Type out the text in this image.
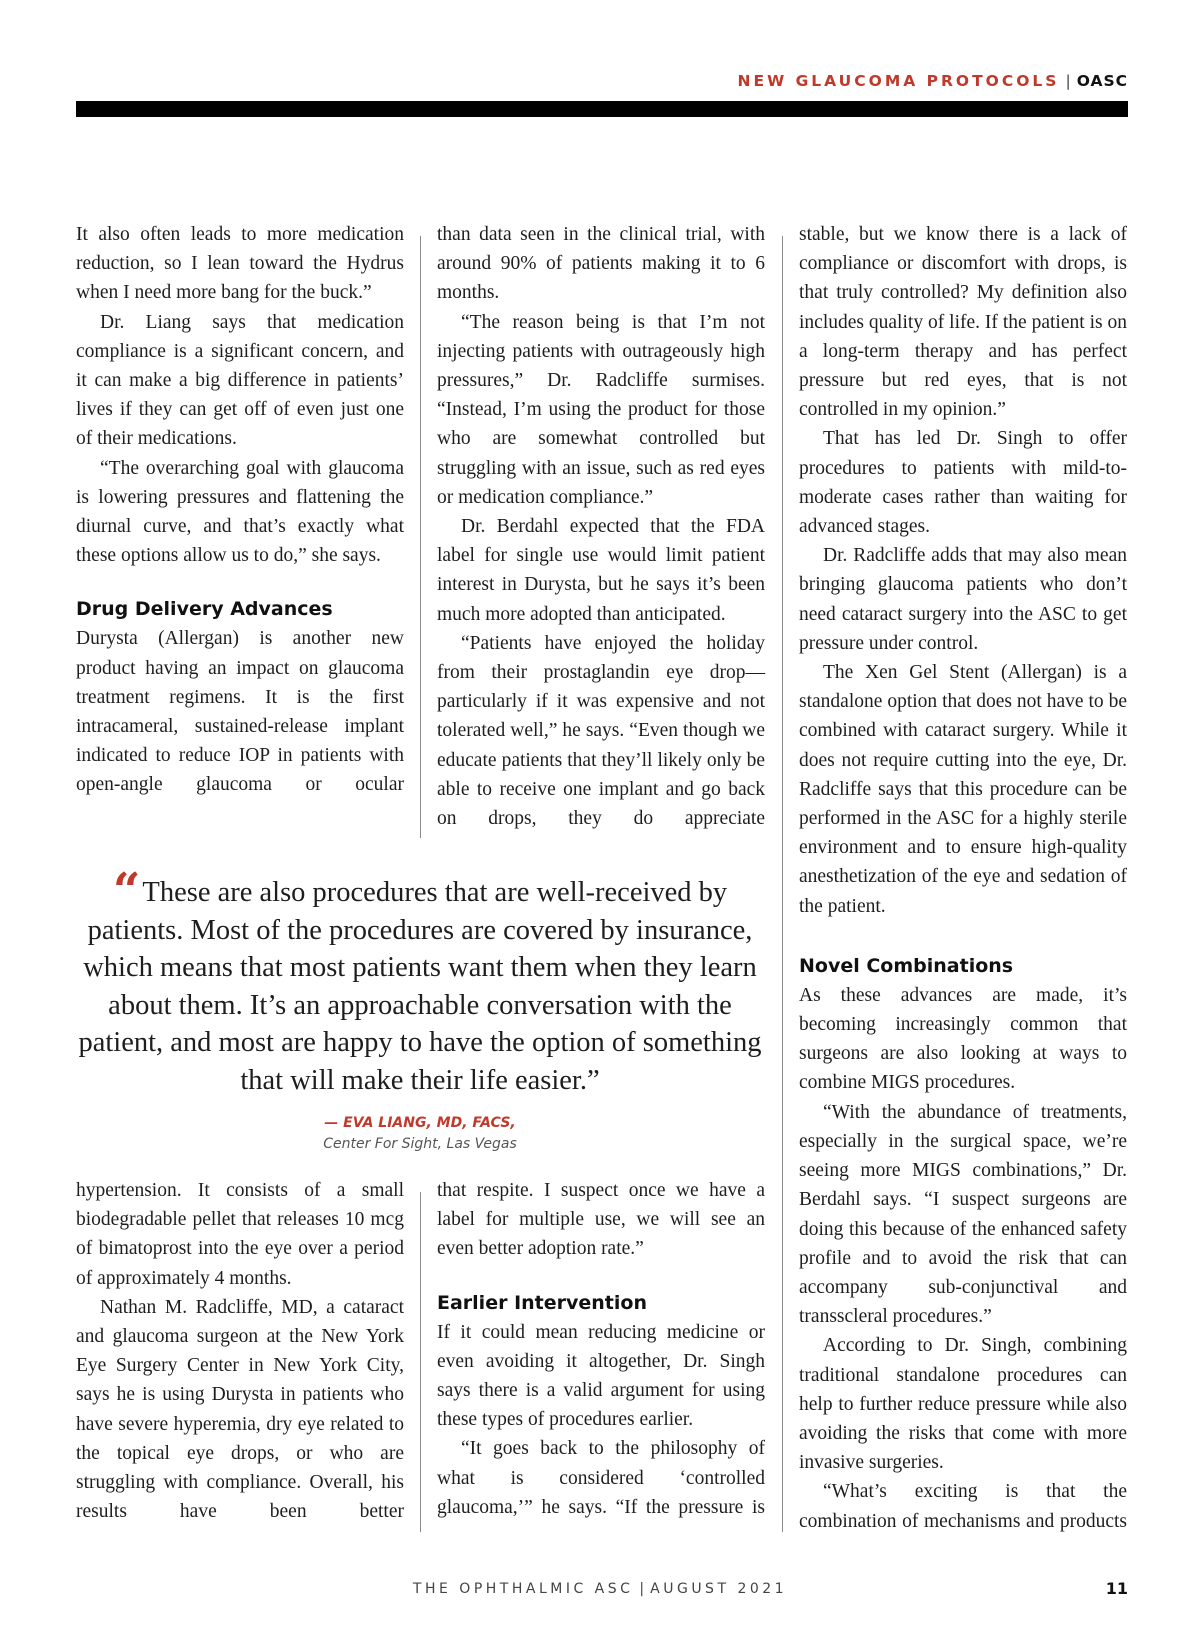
NEW GLAUCOMA PROTOCOLS | OASC

It also often leads to more medication reduction, so I lean toward the Hydrus when I need more bang for the buck.”

Dr. Liang says that medication compliance is a significant concern, and it can make a big difference in patients’ lives if they can get off of even just one of their medications.

“The overarching goal with glaucoma is lowering pressures and flattening the diurnal curve, and that’s exactly what these options allow us to do,” she says.

Drug Delivery Advances

Durysta (Allergan) is another new product having an impact on glaucoma treatment regimens. It is the first intracameral, sustained-release implant indicated to reduce IOP in patients with open-angle glaucoma or ocular

than data seen in the clinical trial, with around 90% of patients making it to 6 months.

“The reason being is that I’m not injecting patients with outrageously high pressures,” Dr. Radcliffe surmises. “Instead, I’m using the product for those who are somewhat controlled but struggling with an issue, such as red eyes or medication compliance.”

Dr. Berdahl expected that the FDA label for single use would limit patient interest in Durysta, but he says it’s been much more adopted than anticipated.

“Patients have enjoyed the holiday from their prostaglandin eye drop—particularly if it was expensive and not tolerated well,” he says. “Even though we educate patients that they’ll likely only be able to receive one implant and go back on drops, they do appreciate

stable, but we know there is a lack of compliance or discomfort with drops, is that truly controlled? My definition also includes quality of life. If the patient is on a long-term therapy and has perfect pressure but red eyes, that is not controlled in my opinion.”

That has led Dr. Singh to offer procedures to patients with mild-to-moderate cases rather than waiting for advanced stages.

Dr. Radcliffe adds that may also mean bringing glaucoma patients who don’t need cataract surgery into the ASC to get pressure under control.

The Xen Gel Stent (Allergan) is a standalone option that does not have to be combined with cataract surgery. While it does not require cutting into the eye, Dr. Radcliffe says that this procedure can be performed in the ASC for a highly sterile environment and to ensure high-quality anesthetization of the eye and sedation of the patient.

Novel Combinations

As these advances are made, it’s becoming increasingly common that surgeons are also looking at ways to combine MIGS procedures.

“With the abundance of treatments, especially in the surgical space, we’re seeing more MIGS combinations,” Dr. Berdahl says. “I suspect surgeons are doing this because of the enhanced safety profile and to avoid the risk that can accompany sub-conjunctival and transscleral procedures.”

According to Dr. Singh, combining traditional standalone procedures can help to further reduce pressure while also avoiding the risks that come with more invasive surgeries.

“What’s exciting is that the combination of mechanisms and products

“These are also procedures that are well-received by patients. Most of the procedures are covered by insurance, which means that most patients want them when they learn about them. It’s an approachable conversation with the patient, and most are happy to have the option of something that will make their life easier.”
— EVA LIANG, MD, FACS,
Center For Sight, Las Vegas

hypertension. It consists of a small biodegradable pellet that releases 10 mcg of bimatoprost into the eye over a period of approximately 4 months.

Nathan M. Radcliffe, MD, a cataract and glaucoma surgeon at the New York Eye Surgery Center in New York City, says he is using Durysta in patients who have severe hyperemia, dry eye related to the topical eye drops, or who are struggling with compliance. Overall, his results have been better

that respite. I suspect once we have a label for multiple use, we will see an even better adoption rate.”

Earlier Intervention

If it could mean reducing medicine or even avoiding it altogether, Dr. Singh says there is a valid argument for using these types of procedures earlier.

“It goes back to the philosophy of what is considered ‘controlled glaucoma,’” he says. “If the pressure is

THE OPHTHALMIC ASC | AUGUST 2021	11
